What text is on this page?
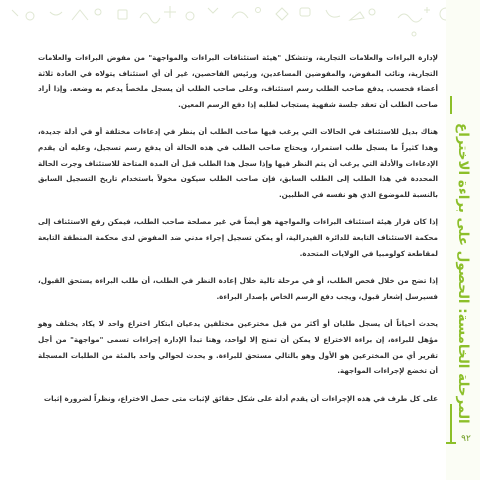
المرحلة الخامسة: الحصول على براءة الاختراع
٩٢

لإدارة البراءات والعلامات التجارية، وتتشكل "هيئة استئنافات البراءات والمواجهة" من مفوض البراءات والعلامات التجارية، ونائب المفوض، والمفوضين المساعدين، ورئيس الفاحصين، غير أن أي استئناف يتولاه في العادة ثلاثة أعضاء فحسب. يدفع صاحب الطلب رسم استئناف، وعلى صاحب الطلب أن يسجل ملخصاً يدعم به وضعه. وإذا أراد صاحب الطلب أن تعقد جلسة شفهية يستجاب لطلبه إذا دفع الرسم المعين.

هناك بديل للاستئناف في الحالات التي يرغب فيها صاحب الطلب أن ينظر في إدعاءات مختلفة أو في أدلة جديدة، وهذا كثيراً ما يسجل طلب استمرار، ويحتاج صاحب الطلب في هذه الحالة أن يدفع رسم تسجيل، وعليه أن يقدم الإدعاءات والأدلة التي يرغب أن يتم النظر فيها وإذا سجل هذا الطلب قبل أن المدة المتاحة للاستئناف وجرت الحالة المحددة في هذا الطلب إلى الطلب السابق، فإن صاحب الطلب سيكون مخولاً باستخدام تاريخ التسجيل السابق بالنسبة للموضوع الذي هو نفسه في الطلبين.

إذا كان قرار هيئة استئناف البراءات والمواجهة هو أيضاً في غير مصلحة صاحب الطلب، فيمكن رفع الاستئناف إلى محكمة الاستئناف التابعة للدائرة الفيدرالية، أو يمكن تسجيل إجراء مدني ضد المفوض لدى محكمة المنطقة التابعة لمقاطعة كولومبيا في الولايات المتحدة.

إذا تضح من خلال فحص الطلب، أو في مرحلة تالية خلال إعادة النظر في الطلب، أن طلب البراءة يستحق القبول، فسيرسل إشعار قبول، ويجب دفع الرسم الخاص بإصدار البراءة.

يحدث أحياناً أن يسجل طلبان أو أكثر من قبل مخترعين مختلفين يدعيان ابتكار اختراع واحد لا يكاد يختلف وهو مؤهل للبراءة، إن براءة الاختراع لا يمكن أن تمنح إلا لواحد، وهنا تبدأ الإدارة إجراءات تسمى "مواجهة" من أجل تقرير أي من المخترعين هو الأول وهو بالتالي مستحق للبراءة. و يحدث لحوالي واحد بالمئة من الطلبات المسجلة أن تخضع لإجراءات المواجهة.

على كل طرف في هذه الإجراءات أن يقدم أدلة على شكل حقائق لإثبات متى حصل الاختراع، ونظراً لضرورة إثبات
